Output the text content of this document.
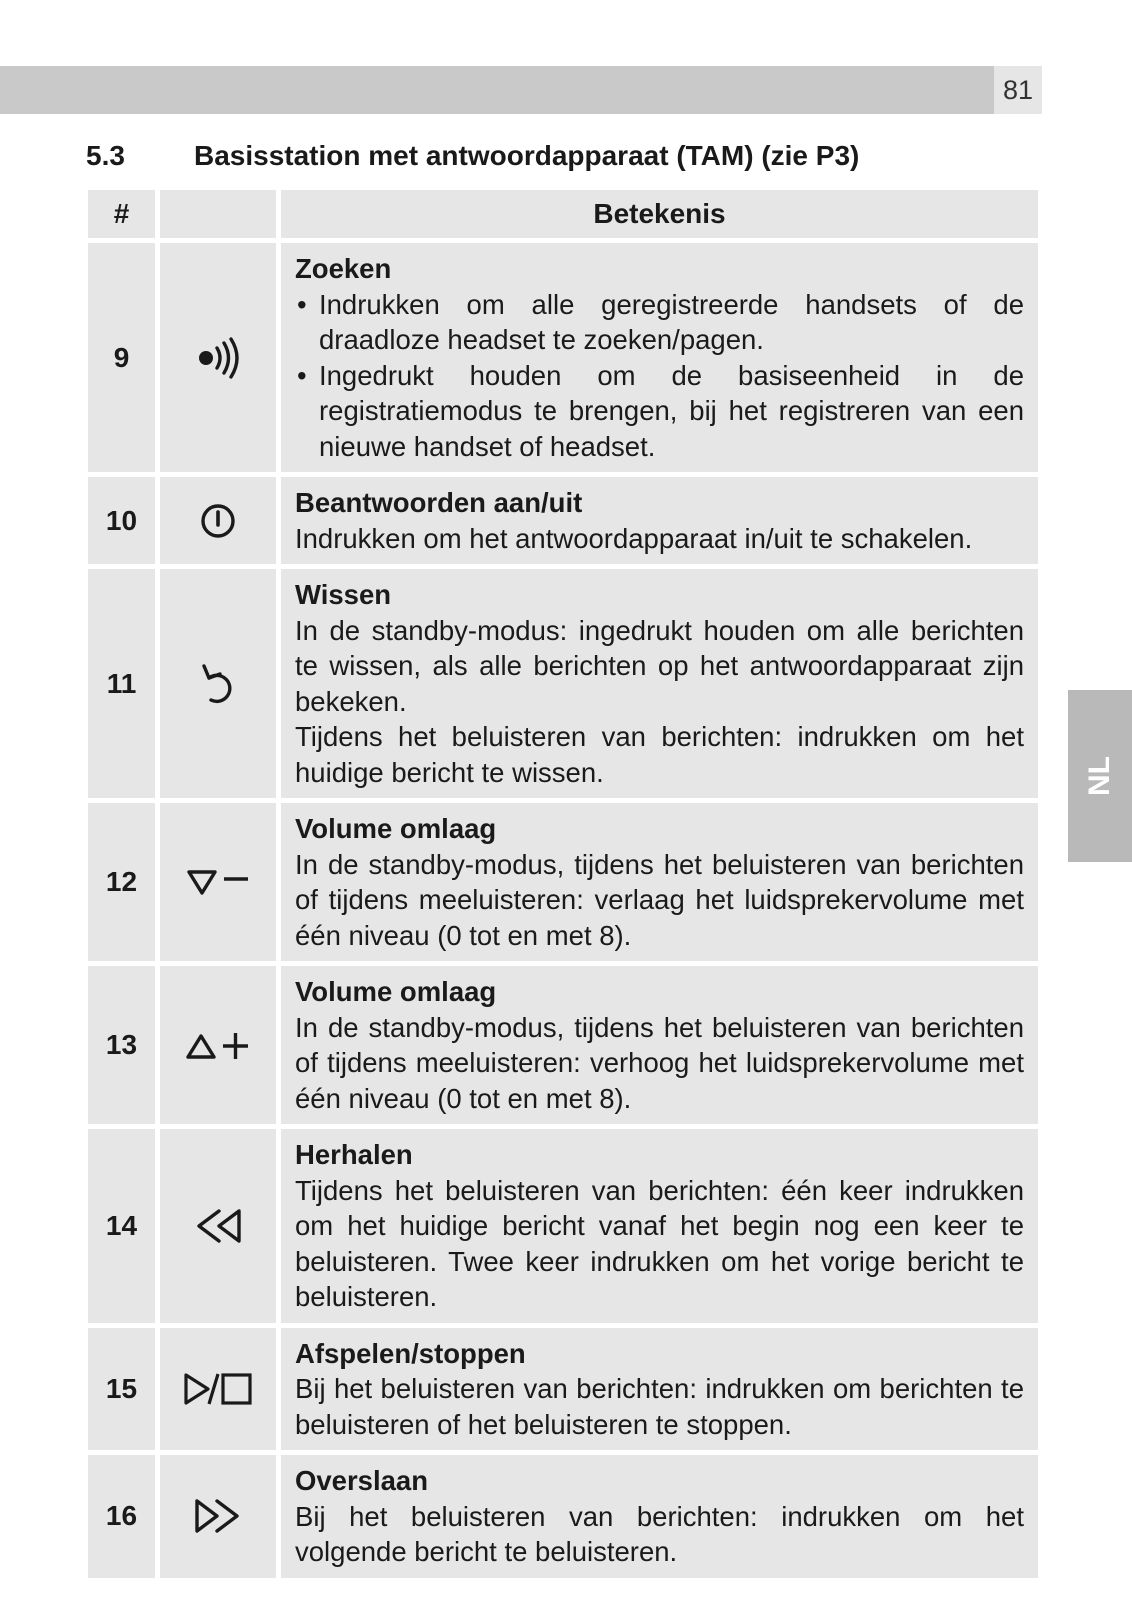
81
5.3 Basisstation met antwoordapparaat (TAM) (zie P3)
NL
#	Betekenis
9
Zoeken
• Indrukken om alle geregistreerde handsets of de draadloze headset te zoeken/pagen.
• Ingedrukt houden om de basiseenheid in de registratiemodus te brengen, bij het registreren van een nieuwe handset of headset.
10
Beantwoorden aan/uit

Indrukken om het antwoordapparaat in/uit te schakelen.

11
Wissen

In de standby-modus: ingedrukt houden om alle berichten te wissen, als alle berichten op het antwoordapparaat zijn bekeken.

Tijdens het beluisteren van berichten: indrukken om het huidige bericht te wissen.

12
Volume omlaag

In de standby-modus, tijdens het beluisteren van berichten of tijdens meeluisteren: verlaag het luidsprekervolume met één niveau (0 tot en met 8).

13
Volume omlaag

In de standby-modus, tijdens het beluisteren van berichten of tijdens meeluisteren: verhoog het luidsprekervolume met één niveau (0 tot en met 8).

14
Herhalen

Tijdens het beluisteren van berichten: één keer indrukken om het huidige bericht vanaf het begin nog een keer te beluisteren. Twee keer indrukken om het vorige bericht te beluisteren.

15
Afspelen/stoppen

Bij het beluisteren van berichten: indrukken om berichten te beluisteren of het beluisteren te stoppen.

16
Overslaan

Bij het beluisteren van berichten: indrukken om het volgende bericht te beluisteren.
